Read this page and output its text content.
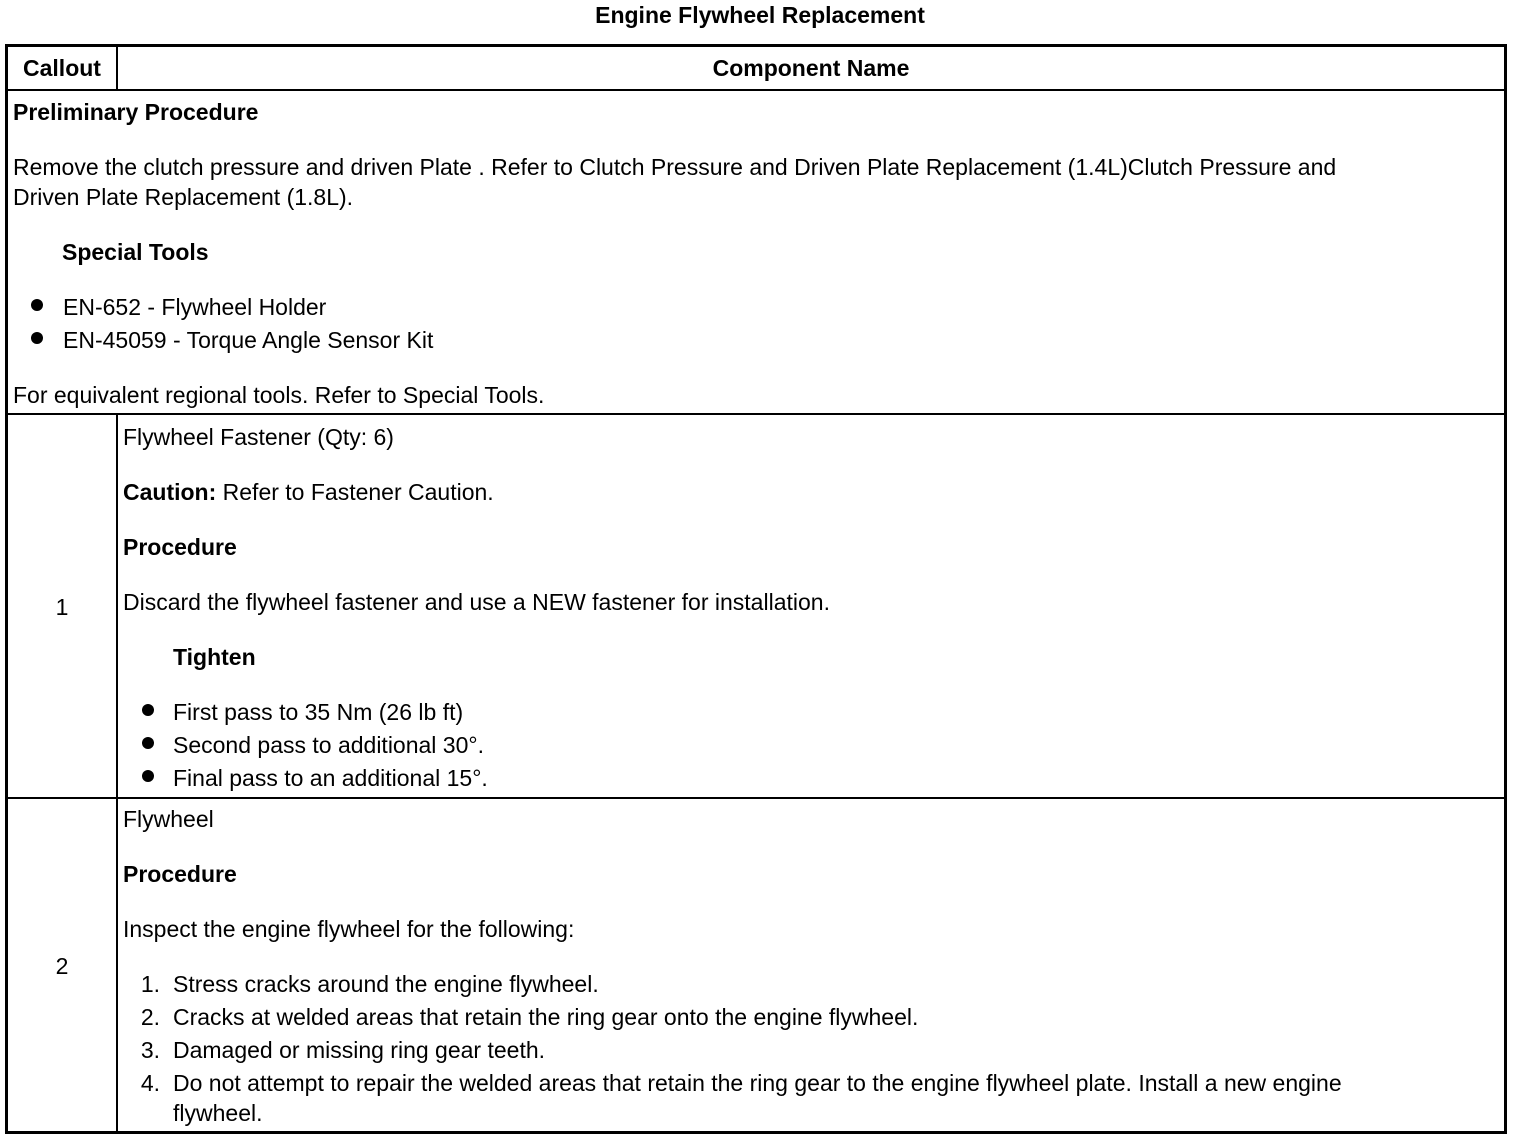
Engine Flywheel Replacement
Callout	Component Name
Preliminary Procedure
Remove the clutch pressure and driven Plate . Refer to Clutch Pressure and Driven Plate Replacement (1.4L)Clutch Pressure and
Driven Plate Replacement (1.8L).
Special Tools
EN-652 - Flywheel Holder
EN-45059 - Torque Angle Sensor Kit
For equivalent regional tools. Refer to Special Tools.
1
Flywheel Fastener (Qty: 6)
Caution: Refer to Fastener Caution.
Procedure
Discard the flywheel fastener and use a NEW fastener for installation.
Tighten
First pass to 35 Nm (26 lb ft)
Second pass to additional 30°.
Final pass to an additional 15°.
2
Flywheel
Procedure
Inspect the engine flywheel for the following:
1. Stress cracks around the engine flywheel.
2. Cracks at welded areas that retain the ring gear onto the engine flywheel.
3. Damaged or missing ring gear teeth.
4. Do not attempt to repair the welded areas that retain the ring gear to the engine flywheel plate. Install a new engine
flywheel.
